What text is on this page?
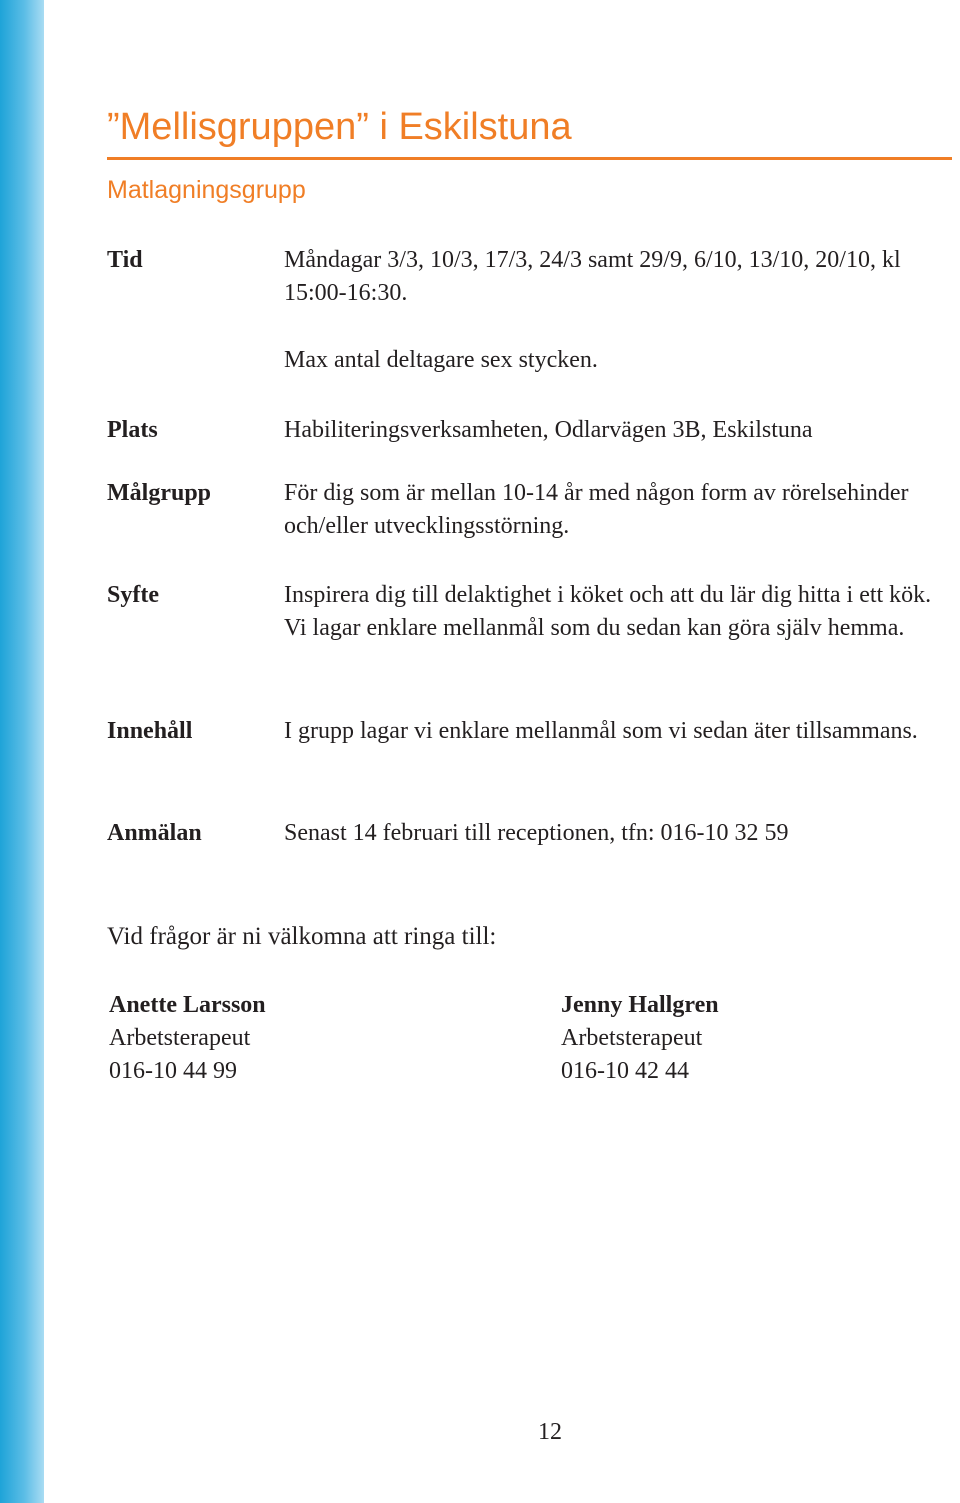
”Mellisgruppen” i Eskilstuna
Matlagningsgrupp
Tid	Måndagar 3/3, 10/3, 17/3, 24/3 samt 29/9, 6/10, 13/10, 20/10, kl 15:00-16:30.
Max antal deltagare sex stycken.
Plats	Habiliteringsverksamheten, Odlarvägen 3B, Eskilstuna
Målgrupp	För dig som är mellan 10-14 år med någon form av rörelsehinder och/eller utvecklingsstörning.
Syfte	Inspirera dig till delaktighet i köket och att du lär dig hitta i ett kök. Vi lagar enklare mellanmål som du sedan kan göra själv hemma.
Innehåll	I grupp lagar vi enklare mellanmål som vi sedan äter tillsammans.
Anmälan	Senast 14 februari till receptionen, tfn: 016-10 32 59
Vid frågor är ni välkomna att ringa till:
Anette Larsson
Arbetsterapeut
016-10 44 99
Jenny Hallgren
Arbetsterapeut
016-10 42 44
12
